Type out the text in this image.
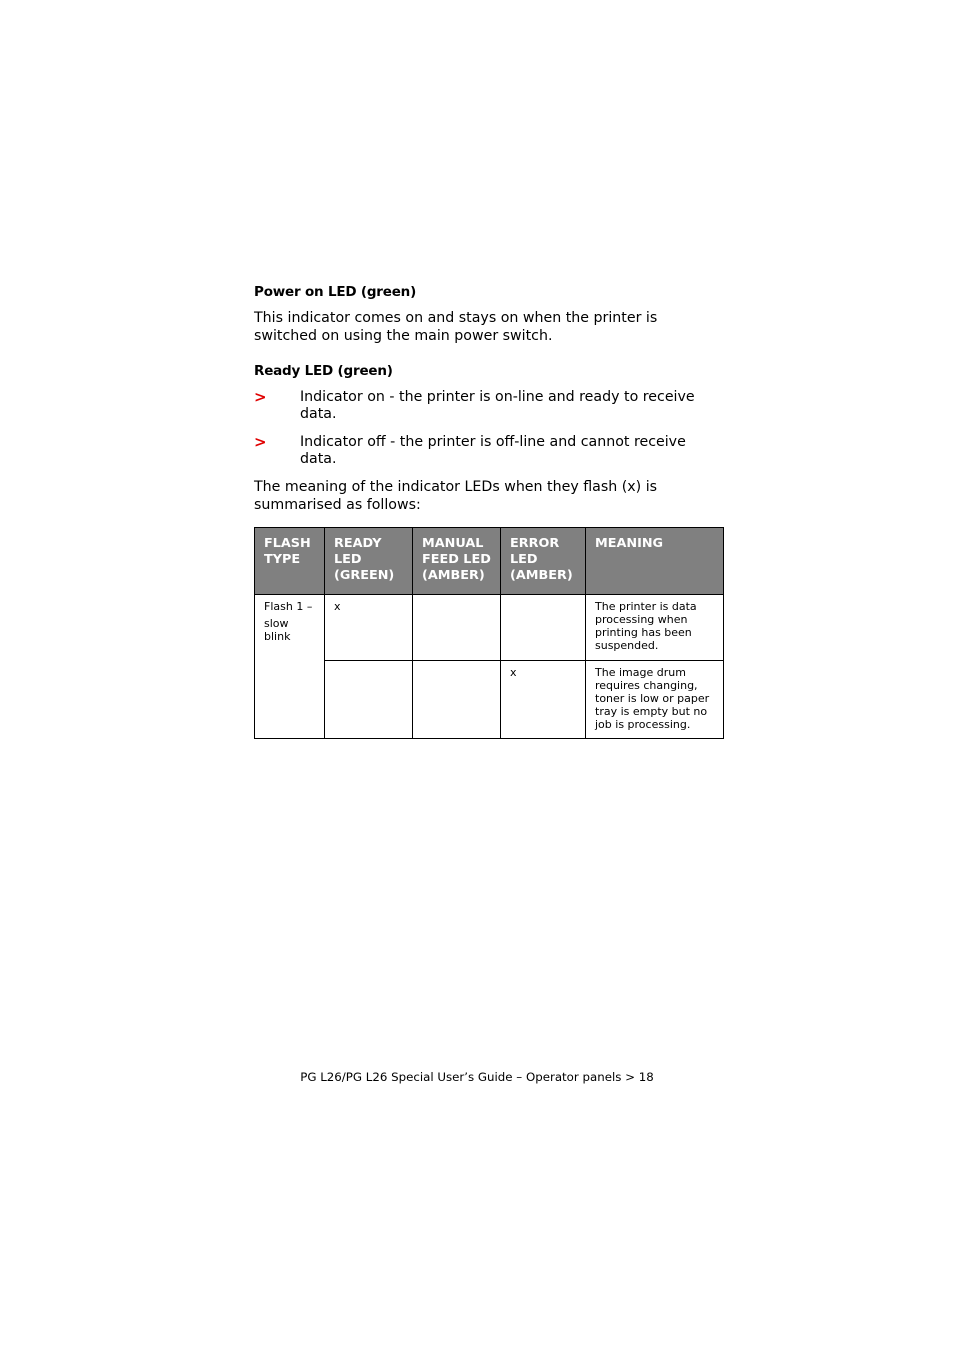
Power on LED (green)

This indicator comes on and stays on when the printer is switched on using the main power switch.

Ready LED (green)
> Indicator on - the printer is on-line and ready to receive data.
> Indicator off - the printer is off-line and cannot receive data.

The meaning of the indicator LEDs when they flash (x) is summarised as follows:

FLASH TYPE	READY LED (GREEN)	MANUAL FEED LED (AMBER)	ERROR LED (AMBER)	MEANING

Flash 1 –
slow blink	x			The printer is data processing when printing has been suspended.
			x	The image drum requires changing, toner is low or paper tray is empty but no job is processing.
PG L26/PG L26 Special User’s Guide – Operator panels > 18
